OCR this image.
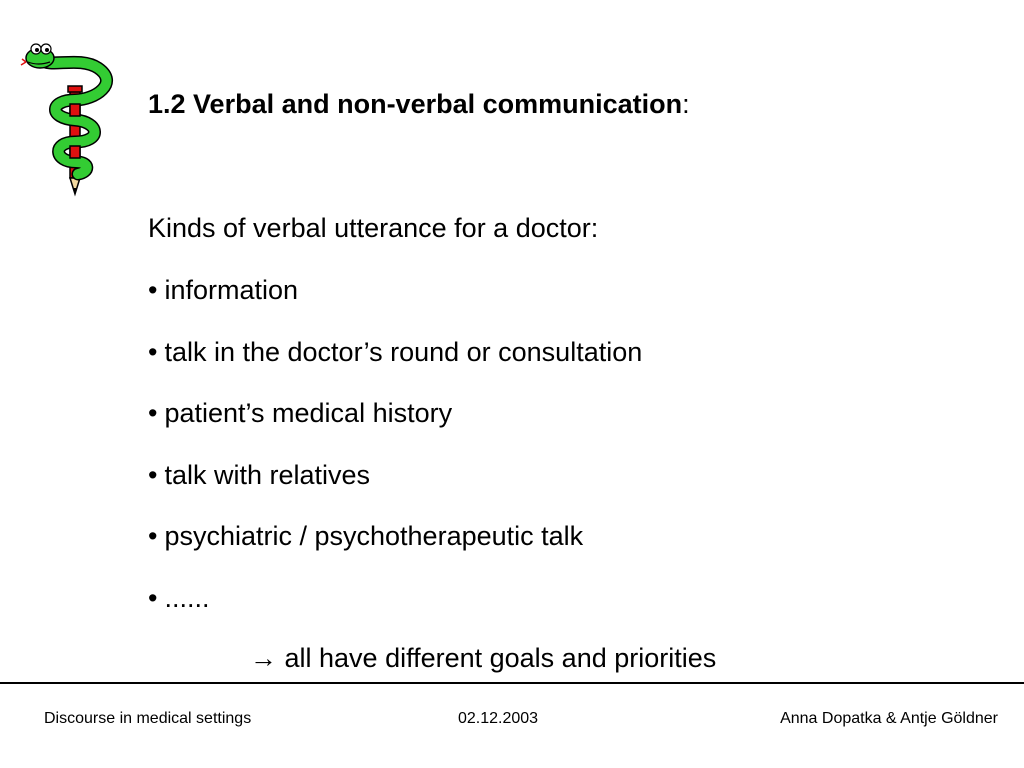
1.2 Verbal and non-verbal communication:
Kinds of verbal utterance for a doctor:
• information
• talk in the doctor’s round or consultation
• patient’s medical history
• talk with relatives
• psychiatric / psychotherapeutic talk
• ......
→ all have different goals and priorities
Discourse in medical settings	02.12.2003	Anna Dopatka & Antje Göldner
